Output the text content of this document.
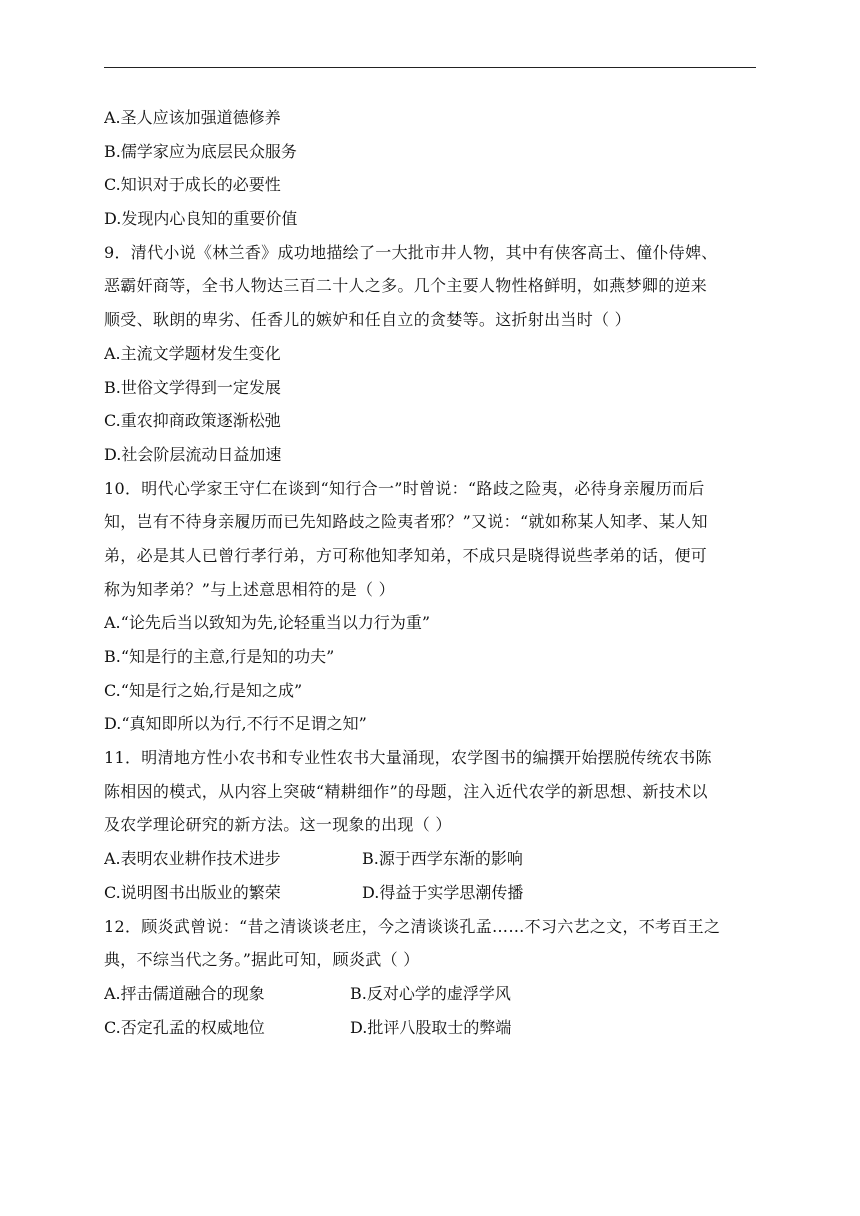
A.圣人应该加强道德修养
B.儒学家应为底层民众服务
C.知识对于成长的必要性
D.发现内心良知的重要价值
9．清代小说《林兰香》成功地描绘了一大批市井人物，其中有侠客高士、僮仆侍婢、
恶霸奸商等，全书人物达三百二十人之多。几个主要人物性格鲜明，如燕梦卿的逆来
顺受、耿朗的卑劣、任香儿的嫉妒和任自立的贪婪等。这折射出当时（ ）
A.主流文学题材发生变化
B.世俗文学得到一定发展
C.重农抑商政策逐渐松弛
D.社会阶层流动日益加速
10．明代心学家王守仁在谈到“知行合一”时曾说：“路歧之险夷，必待身亲履历而后
知，岂有不待身亲履历而已先知路歧之险夷者邪？”又说：“就如称某人知孝、某人知
弟，必是其人已曾行孝行弟，方可称他知孝知弟，不成只是晓得说些孝弟的话，便可
称为知孝弟？”与上述意思相符的是（ ）
A.“论先后当以致知为先,论轻重当以力行为重”
B.“知是行的主意,行是知的功夫”
C.“知是行之始,行是知之成”
D.“真知即所以为行,不行不足谓之知”
11．明清地方性小农书和专业性农书大量涌现，农学图书的编撰开始摆脱传统农书陈
陈相因的模式，从内容上突破“精耕细作”的母题，注入近代农学的新思想、新技术以
及农学理论研究的新方法。这一现象的出现（ ）
A.表明农业耕作技术进步	B.源于西学东渐的影响
C.说明图书出版业的繁荣	D.得益于实学思潮传播
12．顾炎武曾说：“昔之清谈谈老庄，今之清谈谈孔孟……不习六艺之文，不考百王之
典，不综当代之务。”据此可知，顾炎武（ ）
A.抨击儒道融合的现象	B.反对心学的虚浮学风
C.否定孔孟的权威地位	D.批评八股取士的弊端
